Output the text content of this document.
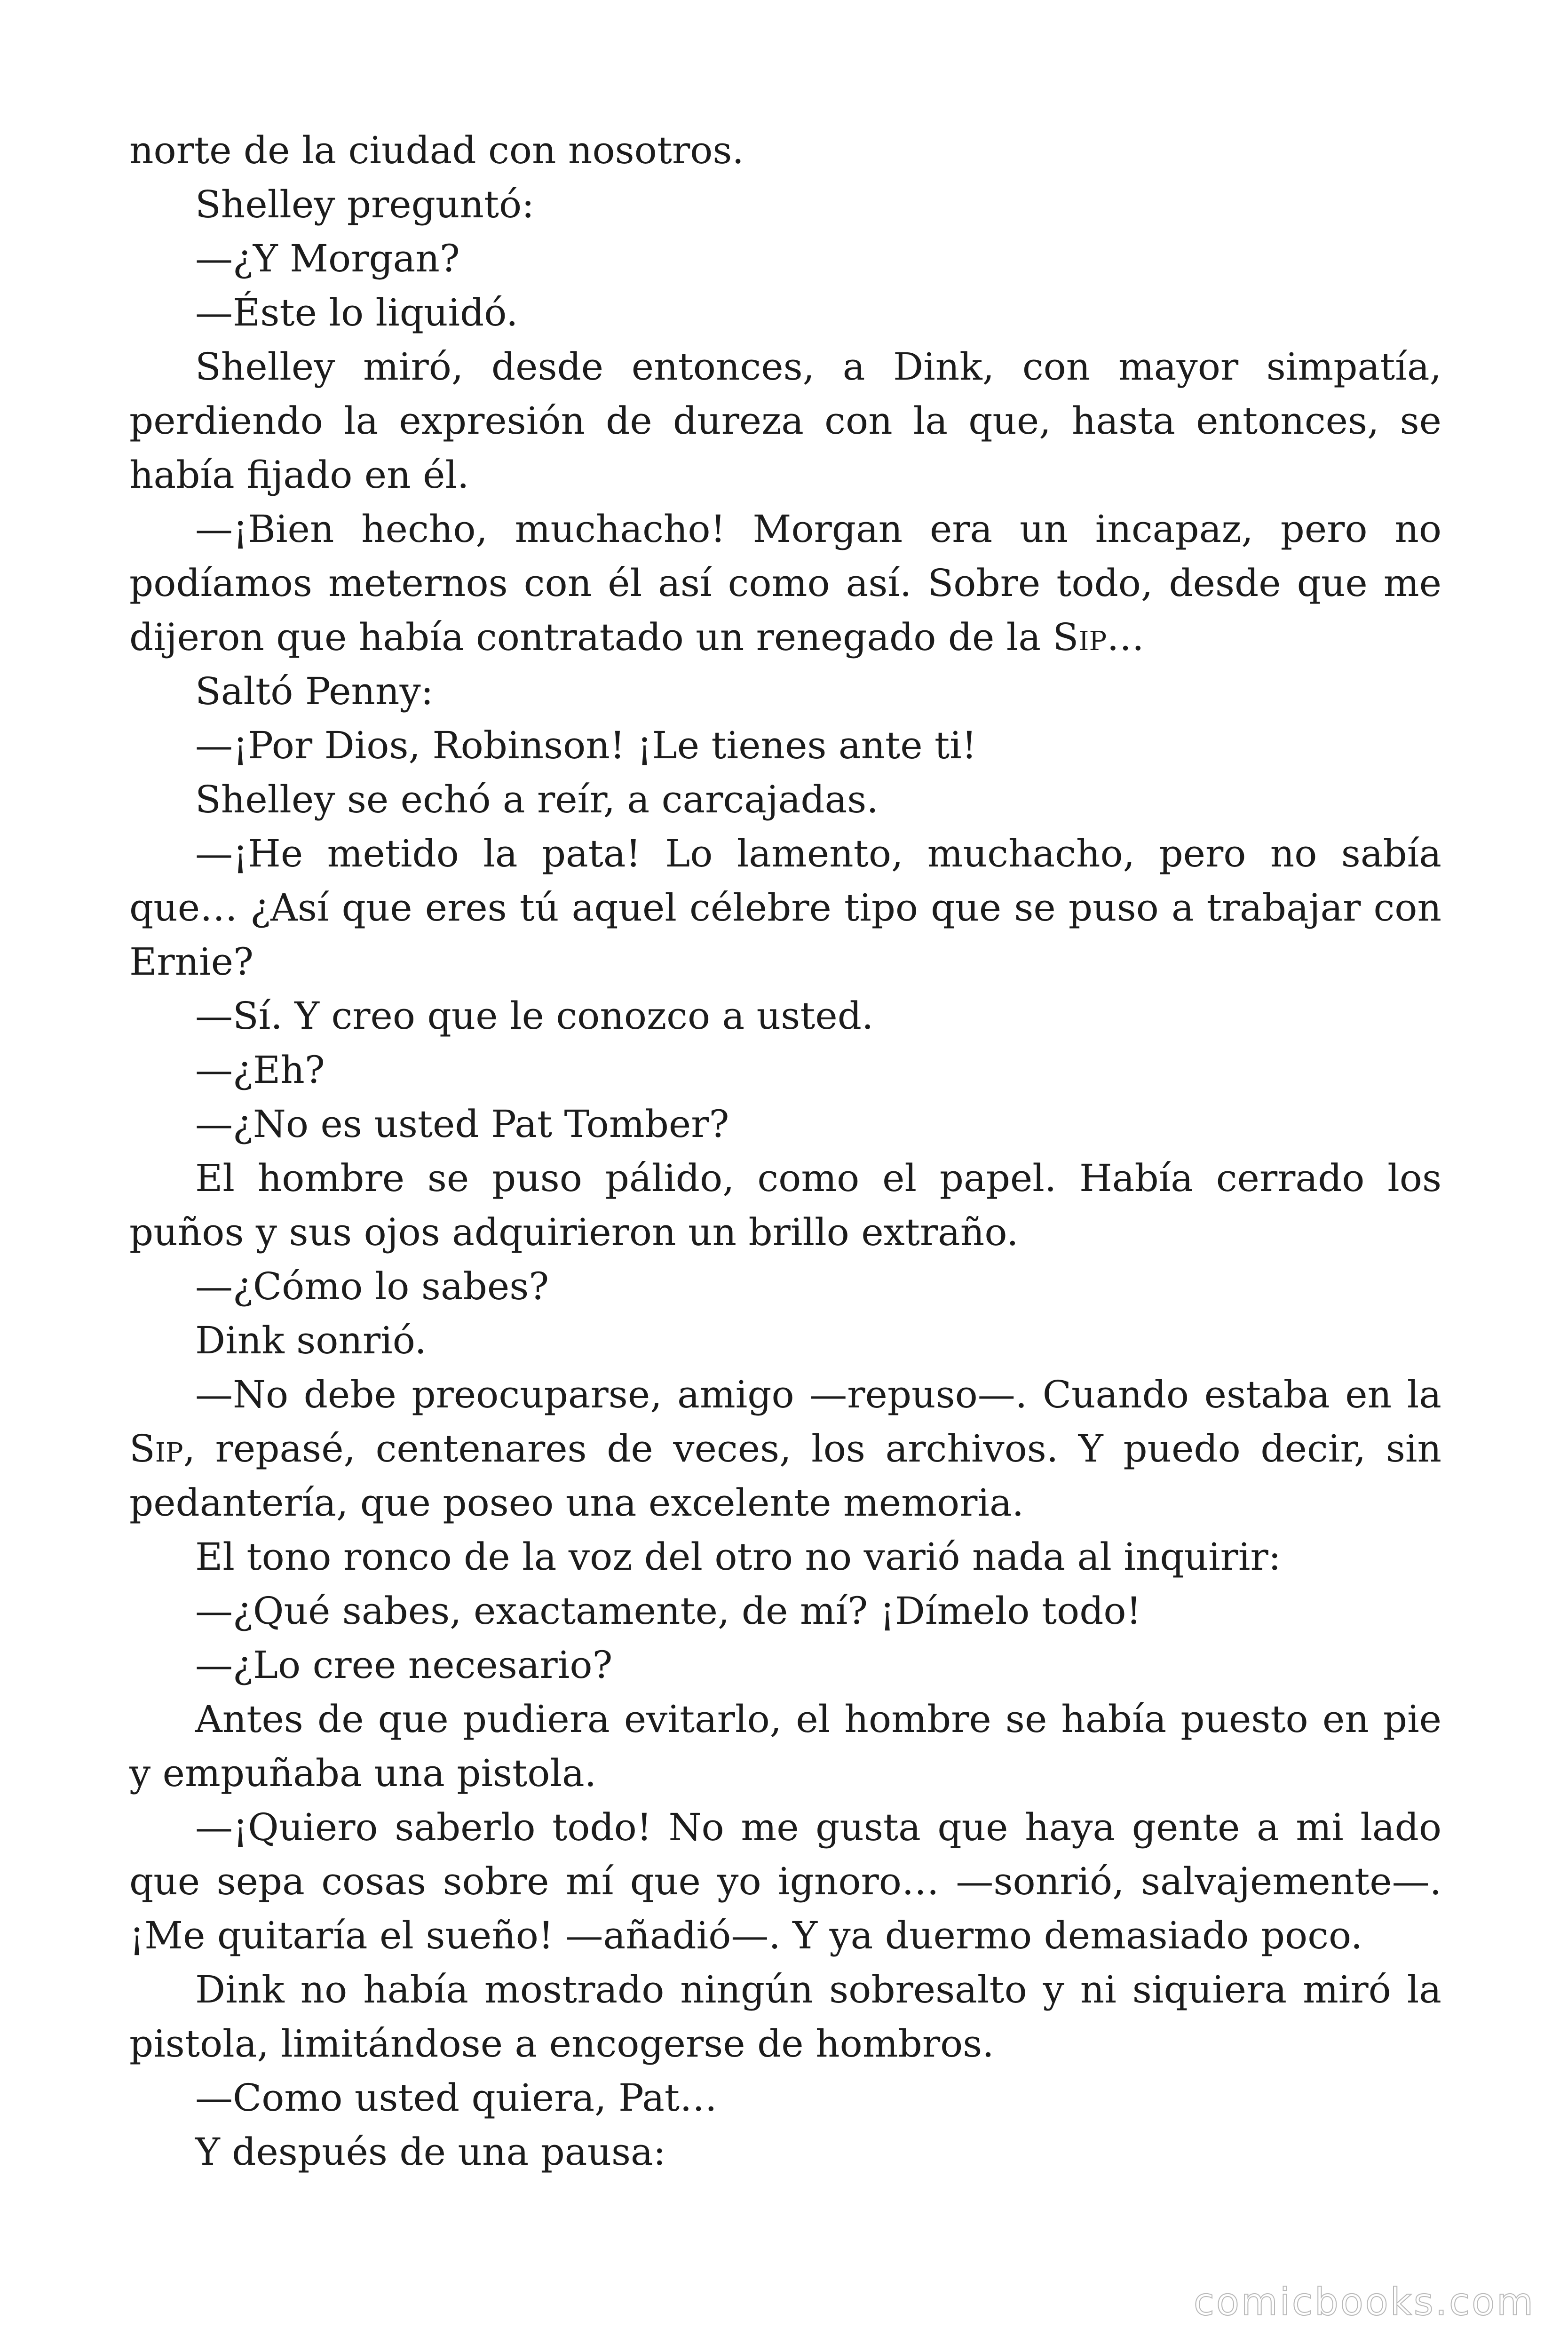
norte de la ciudad con nosotros.

Shelley preguntó:

—¿Y Morgan?

—Éste lo liquidó.

Shelley miró, desde entonces, a Dink, con mayor simpatía, perdiendo la expresión de dureza con la que, hasta entonces, se había fijado en él.

—¡Bien hecho, muchacho! Morgan era un incapaz, pero no podíamos meternos con él así como así. Sobre todo, desde que me dijeron que había contratado un renegado de la Sip…

Saltó Penny:

—¡Por Dios, Robinson! ¡Le tienes ante ti!

Shelley se echó a reír, a carcajadas.

—¡He metido la pata! Lo lamento, muchacho, pero no sabía que… ¿Así que eres tú aquel célebre tipo que se puso a trabajar con Ernie?

—Sí. Y creo que le conozco a usted.

—¿Eh?

—¿No es usted Pat Tomber?

El hombre se puso pálido, como el papel. Había cerrado los puños y sus ojos adquirieron un brillo extraño.

—¿Cómo lo sabes?

Dink sonrió.

—No debe preocuparse, amigo —repuso—. Cuando estaba en la Sip, repasé, centenares de veces, los archivos. Y puedo decir, sin pedantería, que poseo una excelente memoria.

El tono ronco de la voz del otro no varió nada al inquirir:

—¿Qué sabes, exactamente, de mí? ¡Dímelo todo!

—¿Lo cree necesario?

Antes de que pudiera evitarlo, el hombre se había puesto en pie y empuñaba una pistola.

—¡Quiero saberlo todo! No me gusta que haya gente a mi lado que sepa cosas sobre mí que yo ignoro… —sonrió, salvajemente—. ¡Me quitaría el sueño! —añadió—. Y ya duermo demasiado poco.

Dink no había mostrado ningún sobresalto y ni siquiera miró la pistola, limitándose a encogerse de hombros.

—Como usted quiera, Pat…

Y después de una pausa:

comicbooks.com
